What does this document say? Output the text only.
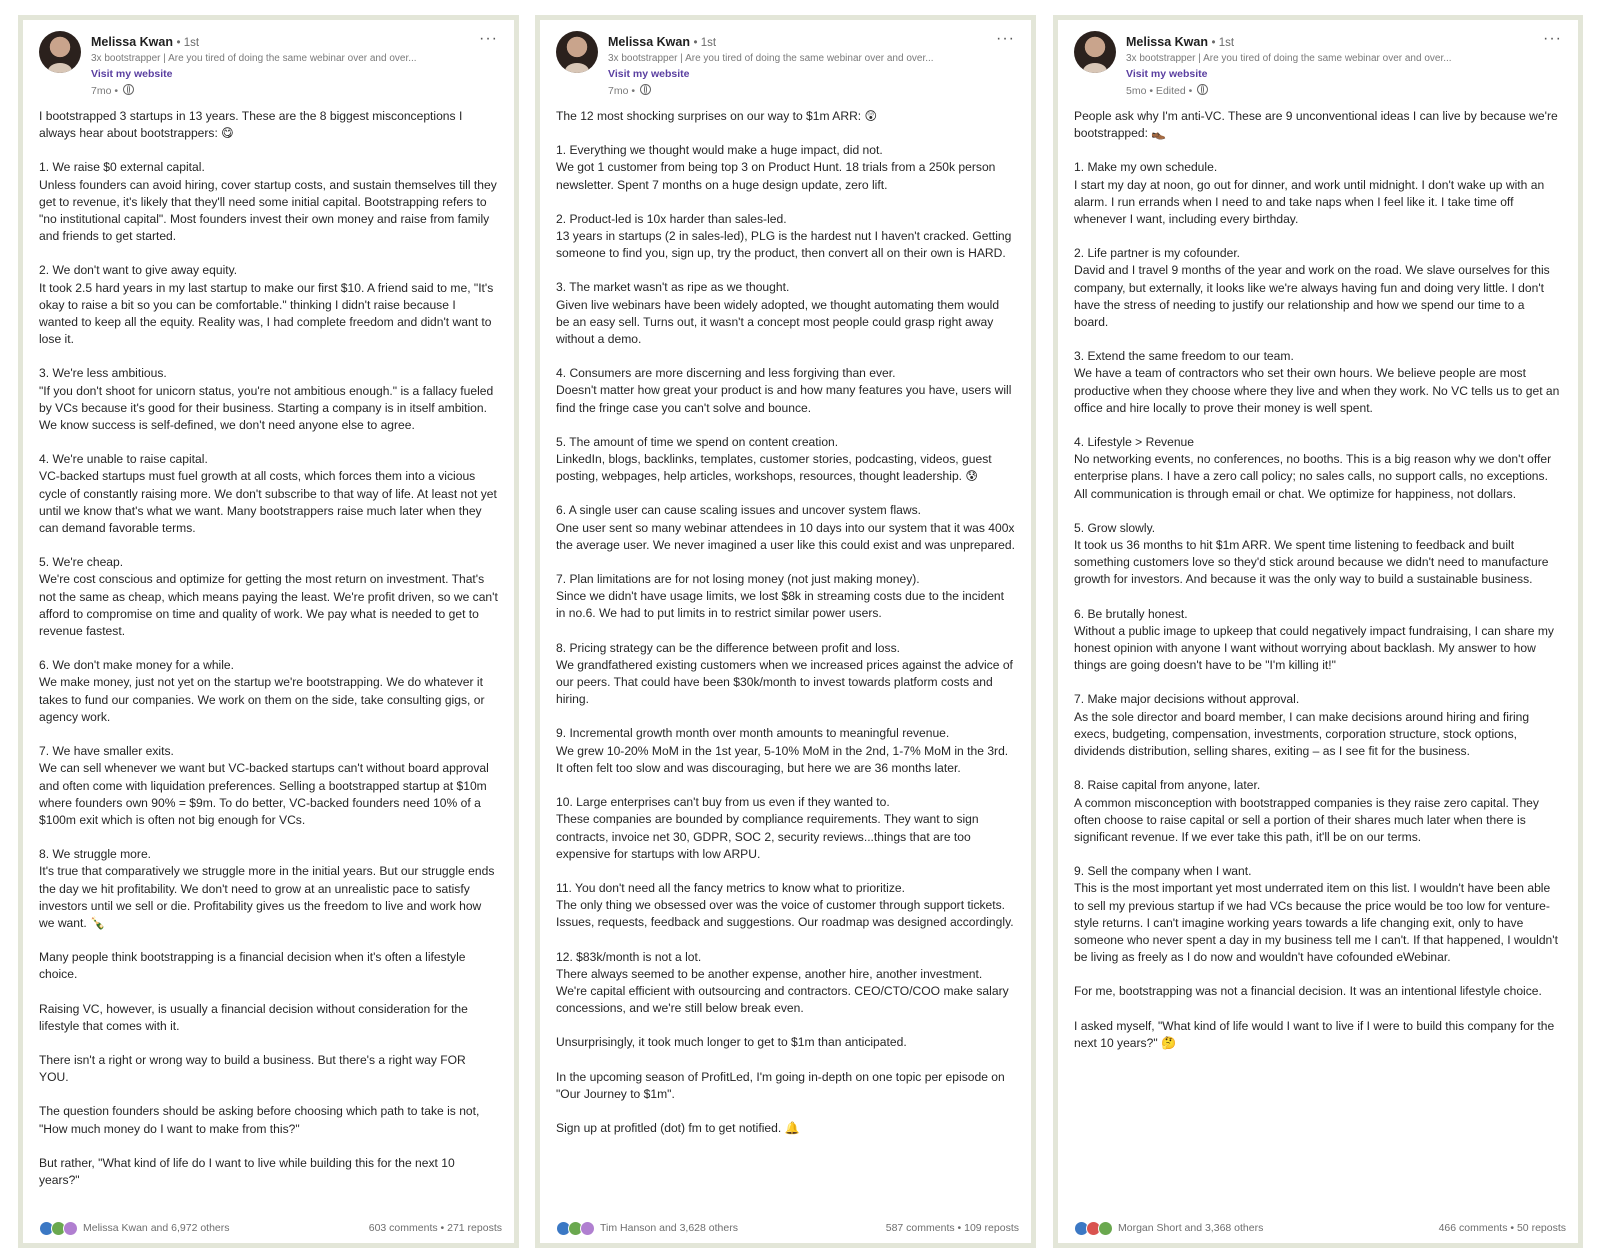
Melissa Kwan • 1st
3x bootstrapper | Are you tired of doing the same webinar over and over...
Visit my website
7mo •
···

I bootstrapped 3 startups in 13 years. These are the 8 biggest misconceptions I always hear about bootstrappers: 😋

1. We raise $0 external capital.

Unless founders can avoid hiring, cover startup costs, and sustain themselves till they get to revenue, it's likely that they'll need some initial capital. Bootstrapping refers to "no institutional capital". Most founders invest their own money and raise from family and friends to get started.

2. We don't want to give away equity.

It took 2.5 hard years in my last startup to make our first $10. A friend said to me, "It's okay to raise a bit so you can be comfortable." thinking I didn't raise because I wanted to keep all the equity. Reality was, I had complete freedom and didn't want to lose it.

3. We're less ambitious.

"If you don't shoot for unicorn status, you're not ambitious enough." is a fallacy fueled by VCs because it's good for their business. Starting a company is in itself ambition. We know success is self-defined, we don't need anyone else to agree.

4. We're unable to raise capital.

VC-backed startups must fuel growth at all costs, which forces them into a vicious cycle of constantly raising more. We don't subscribe to that way of life. At least not yet until we know that's what we want. Many bootstrappers raise much later when they can demand favorable terms.

5. We're cheap.

We're cost conscious and optimize for getting the most return on investment. That's not the same as cheap, which means paying the least. We're profit driven, so we can't afford to compromise on time and quality of work. We pay what is needed to get to revenue fastest.

6. We don't make money for a while.

We make money, just not yet on the startup we're bootstrapping. We do whatever it takes to fund our companies. We work on them on the side, take consulting gigs, or agency work.

7. We have smaller exits.

We can sell whenever we want but VC-backed startups can't without board approval and often come with liquidation preferences. Selling a bootstrapped startup at $10m where founders own 90% = $9m. To do better, VC-backed founders need 10% of a $100m exit which is often not big enough for VCs.

8. We struggle more.

It's true that comparatively we struggle more in the initial years. But our struggle ends the day we hit profitability. We don't need to grow at an unrealistic pace to satisfy investors until we sell or die. Profitability gives us the freedom to live and work how we want. 🍾

Many people think bootstrapping is a financial decision when it's often a lifestyle choice.

Raising VC, however, is usually a financial decision without consideration for the lifestyle that comes with it.

There isn't a right or wrong way to build a business. But there's a right way FOR YOU.

The question founders should be asking before choosing which path to take is not, "How much money do I want to make from this?"

But rather, "What kind of life do I want to live while building this for the next 10 years?"

Melissa Kwan and 6,972 others	603 comments • 271 reposts
Melissa Kwan • 1st
3x bootstrapper | Are you tired of doing the same webinar over and over...
Visit my website
7mo •
···

The 12 most shocking surprises on our way to $1m ARR: 😲

1. Everything we thought would make a huge impact, did not.

We got 1 customer from being top 3 on Product Hunt. 18 trials from a 250k person newsletter. Spent 7 months on a huge design update, zero lift.

2. Product-led is 10x harder than sales-led.

13 years in startups (2 in sales-led), PLG is the hardest nut I haven't cracked. Getting someone to find you, sign up, try the product, then convert all on their own is HARD.

3. The market wasn't as ripe as we thought.

Given live webinars have been widely adopted, we thought automating them would be an easy sell. Turns out, it wasn't a concept most people could grasp right away without a demo.

4. Consumers are more discerning and less forgiving than ever.

Doesn't matter how great your product is and how many features you have, users will find the fringe case you can't solve and bounce.

5. The amount of time we spend on content creation.

LinkedIn, blogs, backlinks, templates, customer stories, podcasting, videos, guest posting, webpages, help articles, workshops, resources, thought leadership. 😰

6. A single user can cause scaling issues and uncover system flaws.

One user sent so many webinar attendees in 10 days into our system that it was 400x the average user. We never imagined a user like this could exist and was unprepared.

7. Plan limitations are for not losing money (not just making money).

Since we didn't have usage limits, we lost $8k in streaming costs due to the incident in no.6. We had to put limits in to restrict similar power users.

8. Pricing strategy can be the difference between profit and loss.

We grandfathered existing customers when we increased prices against the advice of our peers. That could have been $30k/month to invest towards platform costs and hiring.

9. Incremental growth month over month amounts to meaningful revenue.

We grew 10-20% MoM in the 1st year, 5-10% MoM in the 2nd, 1-7% MoM in the 3rd. It often felt too slow and was discouraging, but here we are 36 months later.

10. Large enterprises can't buy from us even if they wanted to.

These companies are bounded by compliance requirements. They want to sign contracts, invoice net 30, GDPR, SOC 2, security reviews...things that are too expensive for startups with low ARPU.

11. You don't need all the fancy metrics to know what to prioritize.

The only thing we obsessed over was the voice of customer through support tickets. Issues, requests, feedback and suggestions. Our roadmap was designed accordingly.

12. $83k/month is not a lot.

There always seemed to be another expense, another hire, another investment. We're capital efficient with outsourcing and contractors. CEO/CTO/COO make salary concessions, and we're still below break even.

Unsurprisingly, it took much longer to get to $1m than anticipated.

In the upcoming season of ProfitLed, I'm going in-depth on one topic per episode on "Our Journey to $1m".

Sign up at profitled (dot) fm to get notified. 🔔

Tim Hanson and 3,628 others	587 comments • 109 reposts
Melissa Kwan • 1st
3x bootstrapper | Are you tired of doing the same webinar over and over...
Visit my website
5mo • Edited •
···

People ask why I'm anti-VC. These are 9 unconventional ideas I can live by because we're bootstrapped: 👞

1. Make my own schedule.

I start my day at noon, go out for dinner, and work until midnight. I don't wake up with an alarm. I run errands when I need to and take naps when I feel like it. I take time off whenever I want, including every birthday.

2. Life partner is my cofounder.

David and I travel 9 months of the year and work on the road. We slave ourselves for this company, but externally, it looks like we're always having fun and doing very little. I don't have the stress of needing to justify our relationship and how we spend our time to a board.

3. Extend the same freedom to our team.

We have a team of contractors who set their own hours. We believe people are most productive when they choose where they live and when they work. No VC tells us to get an office and hire locally to prove their money is well spent.

4. Lifestyle > Revenue

No networking events, no conferences, no booths. This is a big reason why we don't offer enterprise plans. I have a zero call policy; no sales calls, no support calls, no exceptions. All communication is through email or chat. We optimize for happiness, not dollars.

5. Grow slowly.

It took us 36 months to hit $1m ARR. We spent time listening to feedback and built something customers love so they'd stick around because we didn't need to manufacture growth for investors. And because it was the only way to build a sustainable business.

6. Be brutally honest.

Without a public image to upkeep that could negatively impact fundraising, I can share my honest opinion with anyone I want without worrying about backlash. My answer to how things are going doesn't have to be "I'm killing it!"

7. Make major decisions without approval.

As the sole director and board member, I can make decisions around hiring and firing execs, budgeting, compensation, investments, corporation structure, stock options, dividends distribution, selling shares, exiting – as I see fit for the business.

8. Raise capital from anyone, later.

A common misconception with bootstrapped companies is they raise zero capital. They often choose to raise capital or sell a portion of their shares much later when there is significant revenue. If we ever take this path, it'll be on our terms.

9. Sell the company when I want.

This is the most important yet most underrated item on this list. I wouldn't have been able to sell my previous startup if we had VCs because the price would be too low for venture-style returns. I can't imagine working years towards a life changing exit, only to have someone who never spent a day in my business tell me I can't. If that happened, I wouldn't be living as freely as I do now and wouldn't have cofounded eWebinar.

For me, bootstrapping was not a financial decision. It was an intentional lifestyle choice.

I asked myself, "What kind of life would I want to live if I were to build this company for the next 10 years?" 🤔

Morgan Short and 3,368 others	466 comments • 50 reposts
